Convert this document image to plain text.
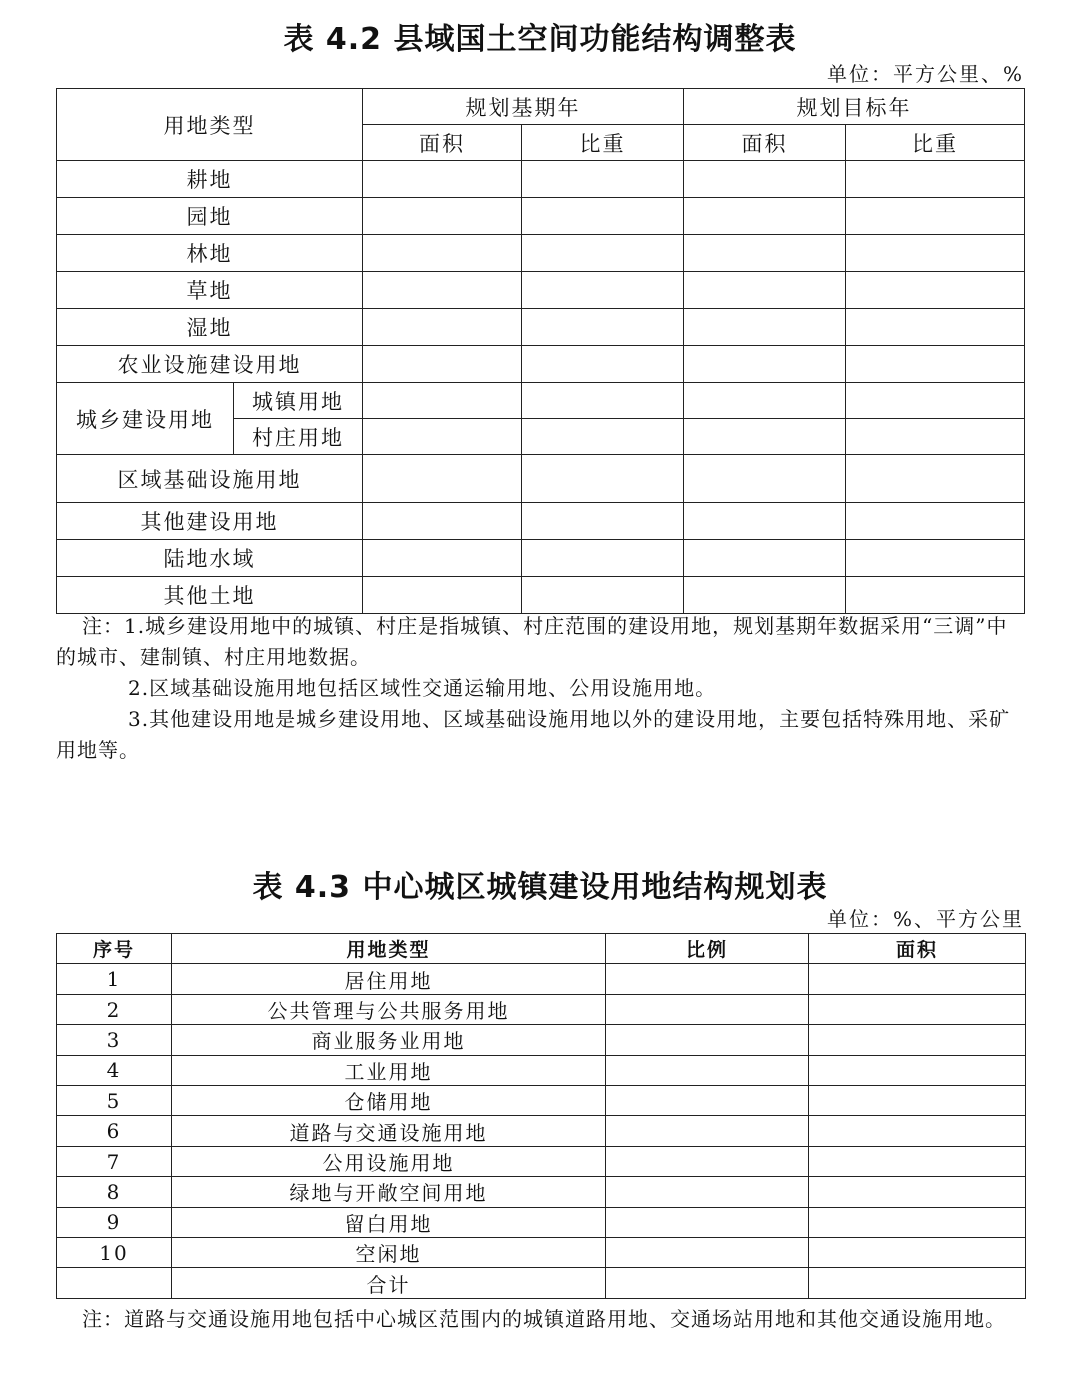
表 4.2 县域国土空间功能结构调整表
单位：平方公里、%
用地类型		规划基期年		规划目标年	
		面积	比重	面积	比重
耕地					
园地					
林地					
草地					
湿地					
农业设施建设用地					
城乡建设用地	城镇用地				
	村庄用地				
区域基础设施用地					
其他建设用地					
陆地水域					
其他土地					

注：1.城乡建设用地中的城镇、村庄是指城镇、村庄范围的建设用地，规划基期年数据采用“三调”中的城市、建制镇、村庄用地数据。

2.区域基础设施用地包括区域性交通运输用地、公用设施用地。

3.其他建设用地是城乡建设用地、区域基础设施用地以外的建设用地，主要包括特殊用地、采矿用地等。

表 4.3 中心城区城镇建设用地结构规划表
单位：%、平方公里
序号	用地类型	比例	面积
1	居住用地		
2	公共管理与公共服务用地		
3	商业服务业用地		
4	工业用地		
5	仓储用地		
6	道路与交通设施用地		
7	公用设施用地		
8	绿地与开敞空间用地		
9	留白用地		
10	空闲地		
	合计		

注：道路与交通设施用地包括中心城区范围内的城镇道路用地、交通场站用地和其他交通设施用地。
